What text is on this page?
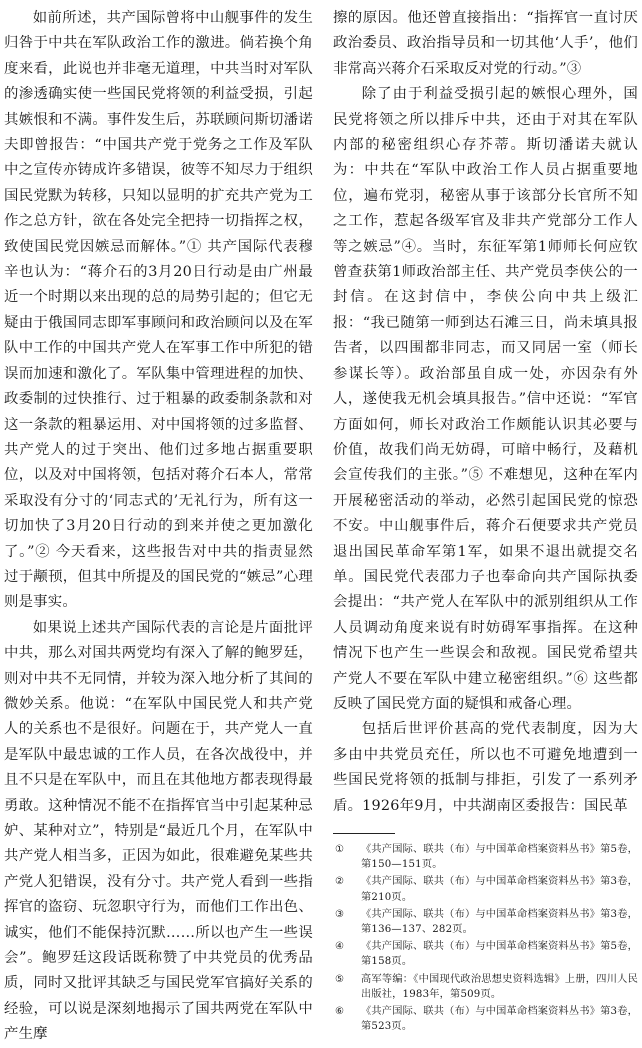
如前所述，共产国际曾将中山舰事件的发生归咎于中共在军队政治工作的激进。倘若换个角度来看，此说也并非毫无道理，中共当时对军队的渗透确实使一些国民党将领的利益受损，引起其嫉恨和不满。事件发生后，苏联顾问斯切潘诺夫即曾报告：“中国共产党于党务之工作及军队中之宣传亦铸成许多错误，彼等不知尽力于组织国民党默为转移，只知以显明的扩充共产党为工作之总方针，欲在各处完全把持一切指挥之权，致使国民党因嫉忌而解体。”① 共产国际代表穆辛也认为：“蒋介石的3月20日行动是由广州最近一个时期以来出现的总的局势引起的；但它无疑由于俄国同志即军事顾问和政治顾问以及在军队中工作的中国共产党人在军事工作中所犯的错误而加速和激化了。军队集中管理进程的加快、政委制的过快推行、过于粗暴的政委制条款和对这一条款的粗暴运用、对中国将领的过多监督、共产党人的过于突出、他们过多地占据重要职位，以及对中国将领，包括对蒋介石本人，常常采取没有分寸的‘同志式的’无礼行为，所有这一切加快了3月20日行动的到来并使之更加激化了。”② 今天看来，这些报告对中共的指责显然过于颟顸，但其中所提及的国民党的“嫉忌”心理则是事实。

如果说上述共产国际代表的言论是片面批评中共，那么对国共两党均有深入了解的鲍罗廷，则对中共不无同情，并较为深入地分析了其间的微妙关系。他说：“在军队中国民党人和共产党人的关系也不是很好。问题在于，共产党人一直是军队中最忠诚的工作人员，在各次战役中，并且不只是在军队中，而且在其他地方都表现得最勇敢。这种情况不能不在指挥官当中引起某种忌妒、某种对立”，特别是“最近几个月，在军队中共产党人相当多，正因为如此，很难避免某些共产党人犯错误，没有分寸。共产党人看到一些指挥官的盗窃、玩忽职守行为，而他们工作出色、诚实，他们不能保持沉默……所以也产生一些误会”。鲍罗廷这段话既称赞了中共党员的优秀品质，同时又批评其缺乏与国民党军官搞好关系的经验，可以说是深刻地揭示了国共两党在军队中产生摩

擦的原因。他还曾直接指出：“指挥官一直讨厌政治委员、政治指导员和一切其他‘人手’，他们非常高兴蒋介石采取反对党的行动。”③

除了由于利益受损引起的嫉恨心理外，国民党将领之所以排斥中共，还由于对其在军队内部的秘密组织心存芥蒂。斯切潘诺夫就认为：中共在“军队中政治工作人员占据重要地位，遍布党羽，秘密从事于该部分长官所不知之工作，惹起各级军官及非共产党部分工作人等之嫉忌”④。当时，东征军第1师师长何应钦曾查获第1师政治部主任、共产党员李侠公的一封信。在这封信中，李侠公向中共上级汇报：“我已随第一师到达石滩三日，尚未填具报告者，以四围都非同志，而又同居一室（师长参谋长等）。政治部虽自成一处，亦因杂有外人，遂使我无机会填具报告。”信中还说：“军官方面如何，师长对政治工作颇能认识其必要与价值，故我们尚无妨碍，可暗中畅行，及藉机会宣传我们的主张。”⑤ 不难想见，这种在军内开展秘密活动的举动，必然引起国民党的惊恐不安。中山舰事件后，蒋介石便要求共产党员退出国民革命军第1军，如果不退出就提交名单。国民党代表邵力子也奉命向共产国际执委会提出：“共产党人在军队中的派别组织从工作人员调动角度来说有时妨碍军事指挥。在这种情况下也产生一些误会和敌视。国民党希望共产党人不要在军队中建立秘密组织。”⑥ 这些都反映了国民党方面的疑惧和戒备心理。

包括后世评价甚高的党代表制度，因为大多由中共党员充任，所以也不可避免地遭到一些国民党将领的抵制与排拒，引发了一系列矛盾。1926年9月，中共湖南区委报告：国民革

① 《共产国际、联共（布）与中国革命档案资料丛书》第5卷，第150—151页。
② 《共产国际、联共（布）与中国革命档案资料丛书》第3卷，第210页。
③ 《共产国际、联共（布）与中国革命档案资料丛书》第3卷，第136—137、282页。
④ 《共产国际、联共（布）与中国革命档案资料丛书》第5卷，第158页。
⑤ 高军等编：《中国现代政治思想史资料选辑》上册，四川人民出版社，1983年，第509页。
⑥ 《共产国际、联共（布）与中国革命档案资料丛书》第3卷，第523页。
